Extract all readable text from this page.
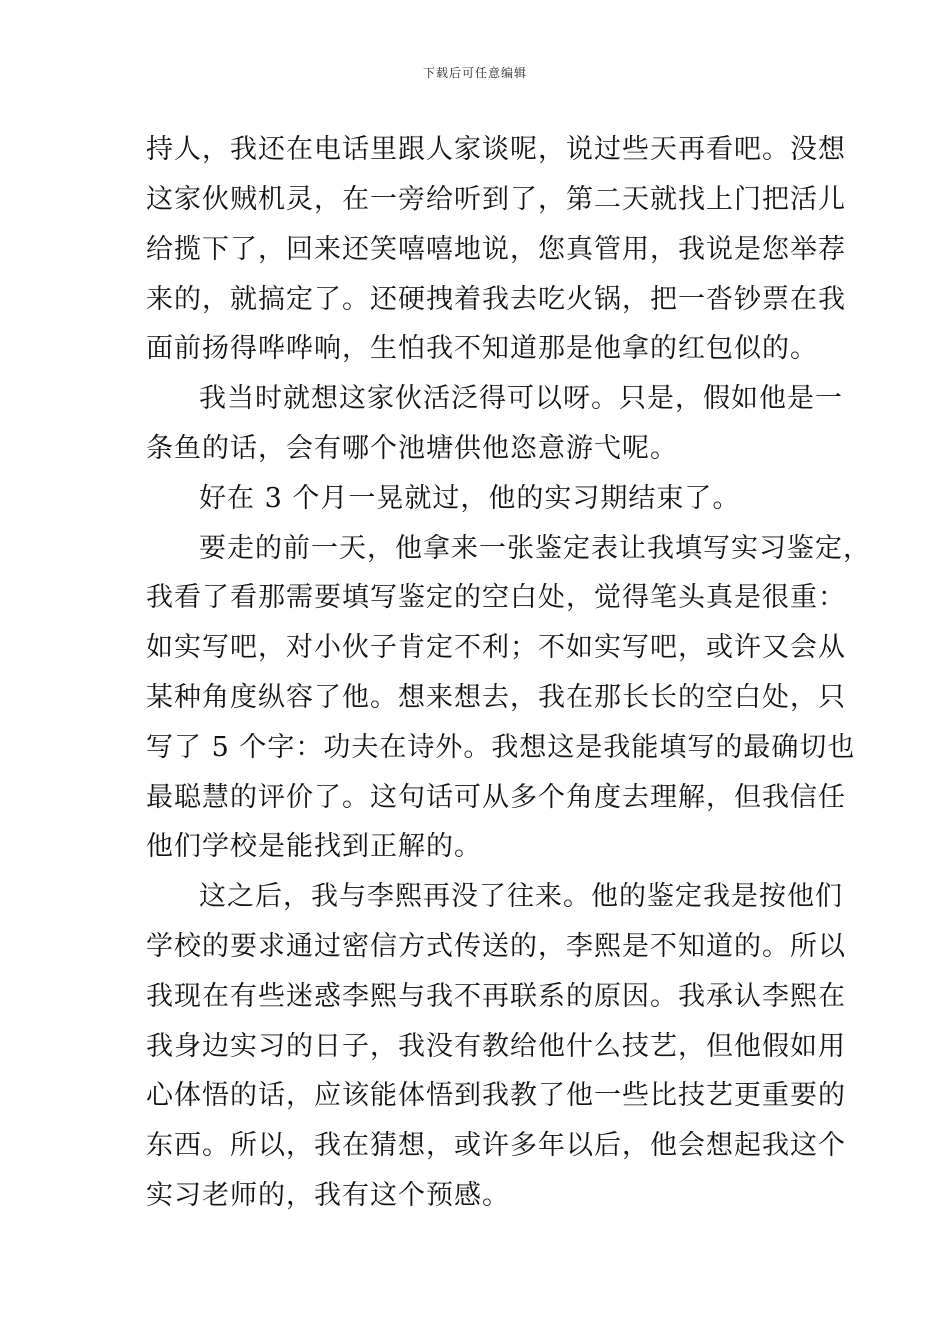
下载后可任意编辑

持人，我还在电话里跟人家谈呢，说过些天再看吧。没想

这家伙贼机灵，在一旁给听到了，第二天就找上门把活儿

给揽下了，回来还笑嘻嘻地说，您真管用，我说是您举荐

来的，就搞定了。还硬拽着我去吃火锅，把一沓钞票在我

面前扬得哗哗响，生怕我不知道那是他拿的红包似的。

我当时就想这家伙活泛得可以呀。只是，假如他是一

条鱼的话，会有哪个池塘供他恣意游弋呢。

好在 3 个月一晃就过，他的实习期结束了。

要走的前一天，他拿来一张鉴定表让我填写实习鉴定，

我看了看那需要填写鉴定的空白处，觉得笔头真是很重：

如实写吧，对小伙子肯定不利；不如实写吧，或许又会从

某种角度纵容了他。想来想去，我在那长长的空白处，只

写了 5 个字：功夫在诗外。我想这是我能填写的最确切也

最聪慧的评价了。这句话可从多个角度去理解，但我信任

他们学校是能找到正解的。

这之后，我与李熙再没了往来。他的鉴定我是按他们

学校的要求通过密信方式传送的，李熙是不知道的。所以

我现在有些迷惑李熙与我不再联系的原因。我承认李熙在

我身边实习的日子，我没有教给他什么技艺，但他假如用

心体悟的话，应该能体悟到我教了他一些比技艺更重要的

东西。所以，我在猜想，或许多年以后，他会想起我这个

实习老师的，我有这个预感。
